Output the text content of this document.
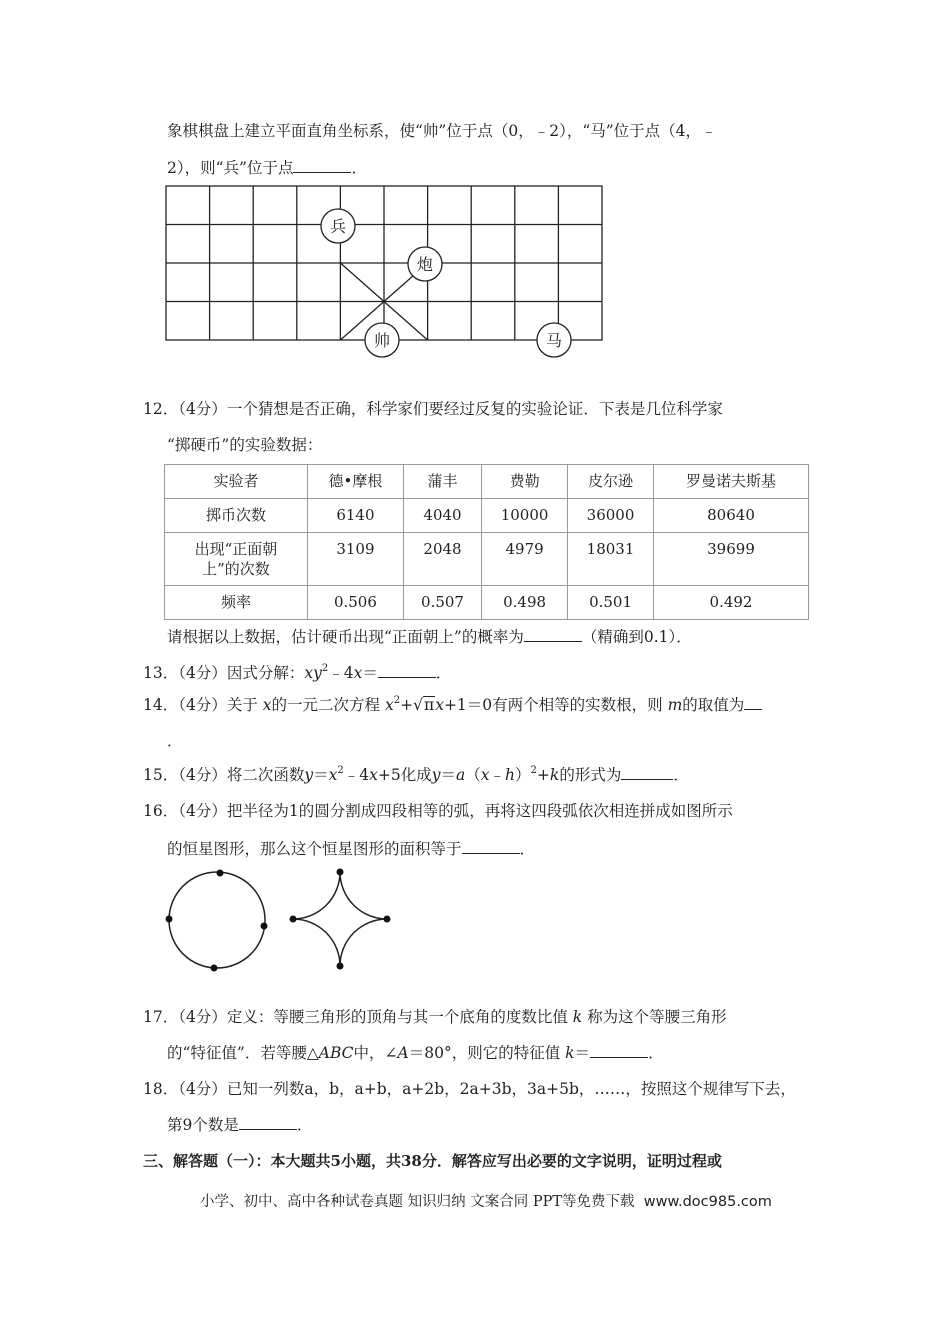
象棋棋盘上建立平面直角坐标系，使“帅”位于点（0，﹣2），“马”位于点（4，﹣
2），则“兵”位于点	．
兵
炮
帅	马
12．（4分）一个猜想是否正确，科学家们要经过反复的实验论证．下表是几位科学家
“掷硬币”的实验数据：
实验者	德•摩根	蒲丰	费勒	皮尔逊	罗曼诺夫斯基
掷币次数	6140	4040	10000	36000	80640
出现“正面朝
上”的次数	3109	2048	4979	18031	39699
频率	0.506	0.507	0.498	0.501	0.492
请根据以上数据，估计硬币出现“正面朝上”的概率为	（精确到0.1）．
13．（4分）因式分解：$xy^2﹣4x=$	．
14．（4分）关于 x的一元二次方程 $x^2+√\pi x+1=0$有两个相等的实数根，则 m的取值为
．
15．（4分）将二次函数$y=x^2﹣4x+5$化成y＝a（x﹣h）$^2$+k的形式为	．
16．（4分）把半径为1的圆分割成四段相等的弧，再将这四段弧依次相连拼成如图所示
的恒星图形，那么这个恒星图形的面积等于	．
17．（4分）定义：等腰三角形的顶角与其一个底角的度数比值 k 称为这个等腰三角形
的“特征值”．若等腰△ABC中，∠A＝80°，则它的特征值 k＝	．
18．（4分）已知一列数a，b，a+b，a+2b，2a+3b，3a+5b，……，按照这个规律写下去，
第9个数是	．
三、解答题（一）：本大题共5小题，共38分．解答应写出必要的文字说明，证明过程或
小学、初中、高中各种试卷真题 知识归纳 文案合同 PPT等免费下载 www.doc985.com
